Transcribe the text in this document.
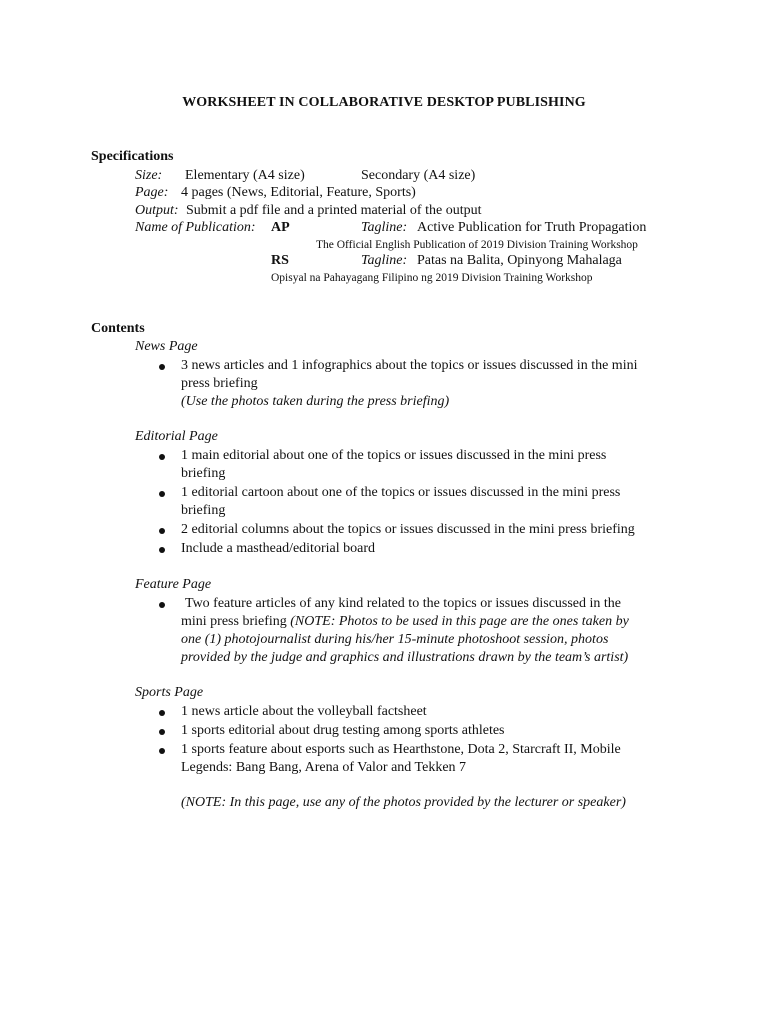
WORKSHEET IN COLLABORATIVE DESKTOP PUBLISHING
Specifications
Size: Elementary (A4 size)	Secondary (A4 size)
Page: 4 pages (News, Editorial, Feature, Sports)
Output: Submit a pdf file and a printed material of the output
Name of Publication: AP	Tagline: Active Publication for Truth Propagation
The Official English Publication of 2019 Division Training Workshop
RS	Tagline: Patas na Balita, Opinyong Mahalaga
Opisyal na Pahayagang Filipino ng 2019 Division Training Workshop
Contents
News Page
3 news articles and 1 infographics about the topics or issues discussed in the mini
press briefing
(Use the photos taken during the press briefing)
Editorial Page
1 main editorial about one of the topics or issues discussed in the mini press
briefing
1 editorial cartoon about one of the topics or issues discussed in the mini press
briefing
2 editorial columns about the topics or issues discussed in the mini press briefing
Include a masthead/editorial board
Feature Page
Two feature articles of any kind related to the topics or issues discussed in the
mini press briefing (NOTE: Photos to be used in this page are the ones taken by
one (1) photojournalist during his/her 15-minute photoshoot session, photos
provided by the judge and graphics and illustrations drawn by the team’s artist)
Sports Page
1 news article about the volleyball factsheet
1 sports editorial about drug testing among sports athletes
1 sports feature about esports such as Hearthstone, Dota 2, Starcraft II, Mobile
Legends: Bang Bang, Arena of Valor and Tekken 7
(NOTE: In this page, use any of the photos provided by the lecturer or speaker)
